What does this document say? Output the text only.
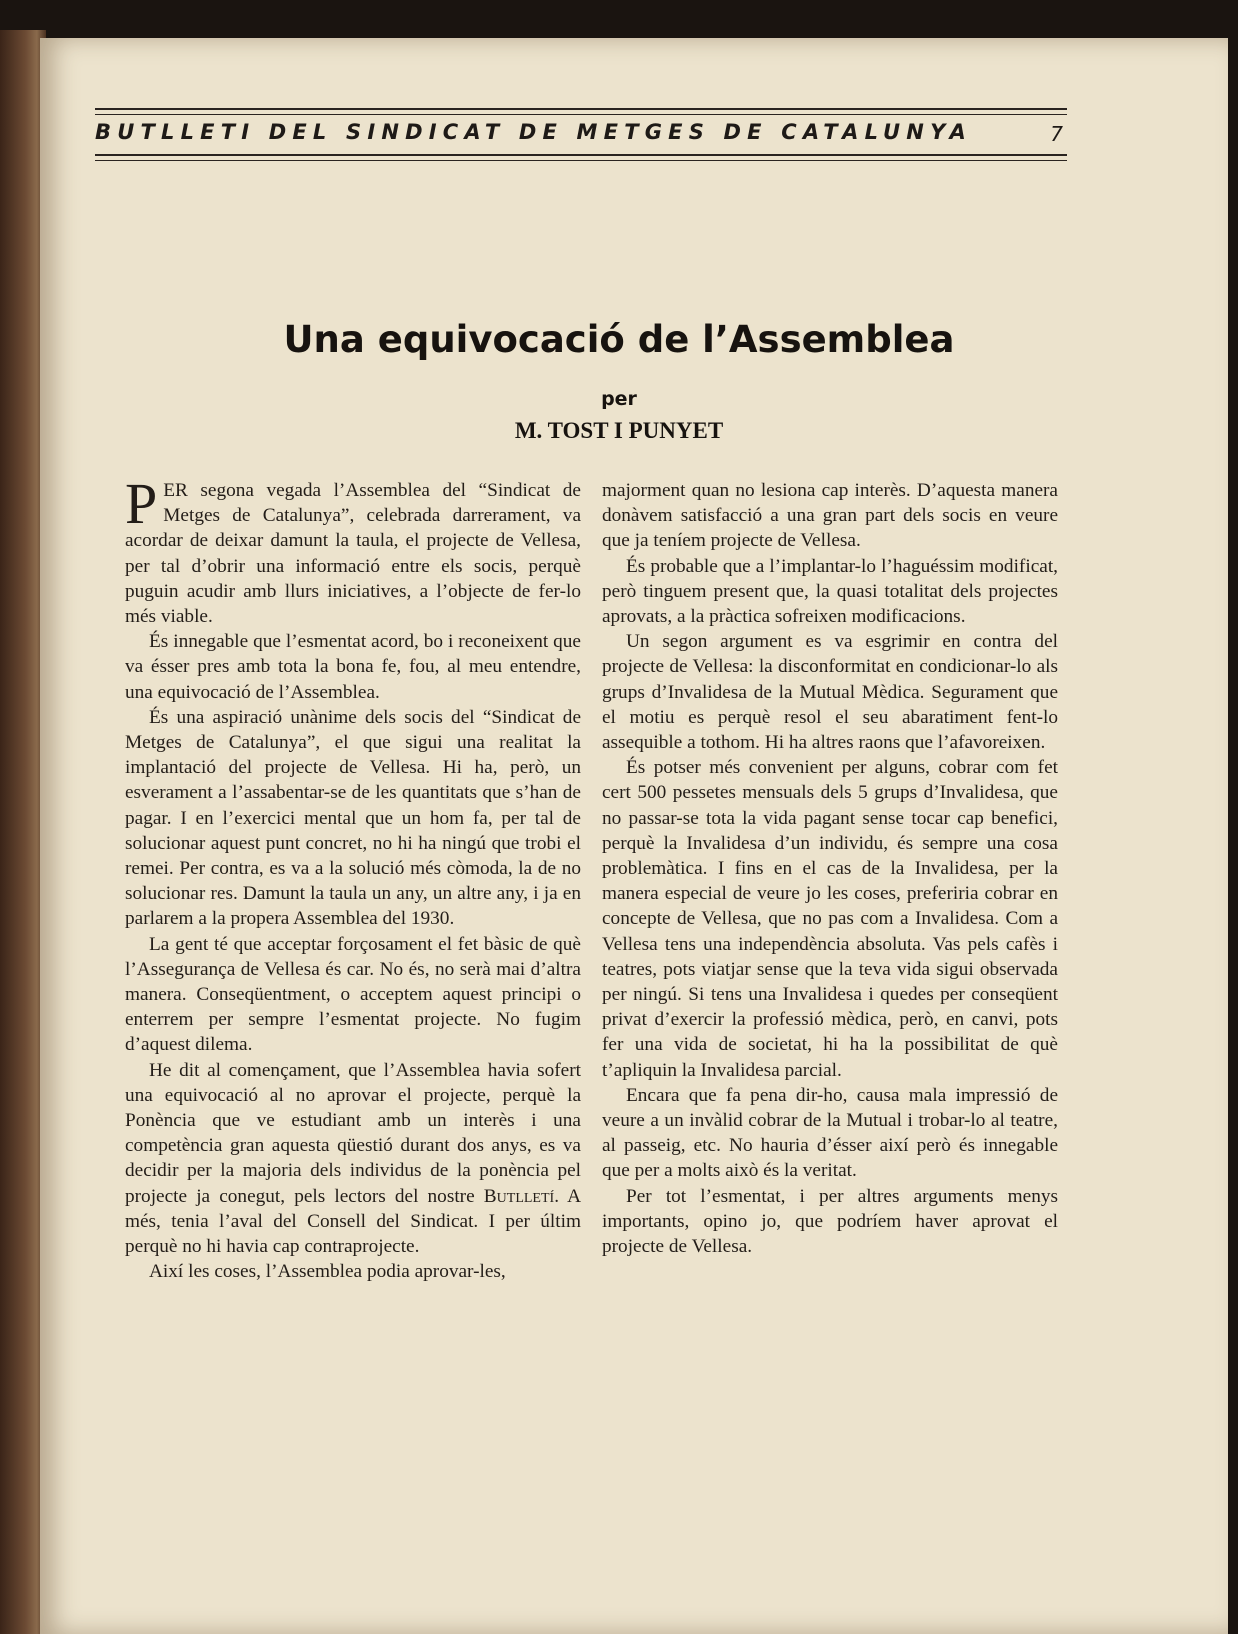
BUTLLETI DEL SINDICAT DE METGES DE CATALUNYA	7
Una equivocació de l’Assemblea
per
M. TOST I PUNYET

PER segona vegada l’Assemblea del “Sindicat de Metges de Catalunya”, celebrada darrerament, va acordar de deixar damunt la taula, el projecte de Vellesa, per tal d’obrir una informació entre els socis, perquè puguin acudir amb llurs iniciatives, a l’objecte de fer-lo més viable.

És innegable que l’esmentat acord, bo i reconeixent que va ésser pres amb tota la bona fe, fou, al meu entendre, una equivocació de l’Assemblea.

És una aspiració unànime dels socis del “Sindicat de Metges de Catalunya”, el que sigui una realitat la implantació del projecte de Vellesa. Hi ha, però, un esverament a l’assabentar-se de les quantitats que s’han de pagar. I en l’exercici mental que un hom fa, per tal de solucionar aquest punt concret, no hi ha ningú que trobi el remei. Per contra, es va a la solució més còmoda, la de no solucionar res. Damunt la taula un any, un altre any, i ja en parlarem a la propera Assemblea del 1930.

La gent té que acceptar forçosament el fet bàsic de què l’Assegurança de Vellesa és car. No és, no serà mai d’altra manera. Conseqüentment, o acceptem aquest principi o enterrem per sempre l’esmentat projecte. No fugim d’aquest dilema.

He dit al començament, que l’Assemblea havia sofert una equivocació al no aprovar el projecte, perquè la Ponència que ve estudiant amb un interès i una competència gran aquesta qüestió durant dos anys, es va decidir per la majoria dels individus de la ponència pel projecte ja conegut, pels lectors del nostre Butlletí. A més, tenia l’aval del Consell del Sindicat. I per últim perquè no hi havia cap contraprojecte.

Així les coses, l’Assemblea podia aprovar-les,

majorment quan no lesiona cap interès. D’aquesta manera donàvem satisfacció a una gran part dels socis en veure que ja teníem projecte de Vellesa.

És probable que a l’implantar-lo l’haguéssim modificat, però tinguem present que, la quasi totalitat dels projectes aprovats, a la pràctica sofreixen modificacions.

Un segon argument es va esgrimir en contra del projecte de Vellesa: la disconformitat en condicionar-lo als grups d’Invalidesa de la Mutual Mèdica. Segurament que el motiu es perquè resol el seu abaratiment fent-lo assequible a tothom. Hi ha altres raons que l’afavoreixen.

És potser més convenient per alguns, cobrar com fet cert 500 pessetes mensuals dels 5 grups d’Invalidesa, que no passar-se tota la vida pagant sense tocar cap benefici, perquè la Invalidesa d’un individu, és sempre una cosa problemàtica. I fins en el cas de la Invalidesa, per la manera especial de veure jo les coses, preferiria cobrar en concepte de Vellesa, que no pas com a Invalidesa. Com a Vellesa tens una independència absoluta. Vas pels cafès i teatres, pots viatjar sense que la teva vida sigui observada per ningú. Si tens una Invalidesa i quedes per conseqüent privat d’exercir la professió mèdica, però, en canvi, pots fer una vida de societat, hi ha la possibilitat de què t’apliquin la Invalidesa parcial.

Encara que fa pena dir-ho, causa mala impressió de veure a un invàlid cobrar de la Mutual i trobar-lo al teatre, al passeig, etc. No hauria d’ésser així però és innegable que per a molts això és la veritat.

Per tot l’esmentat, i per altres arguments menys importants, opino jo, que podríem haver aprovat el projecte de Vellesa.
